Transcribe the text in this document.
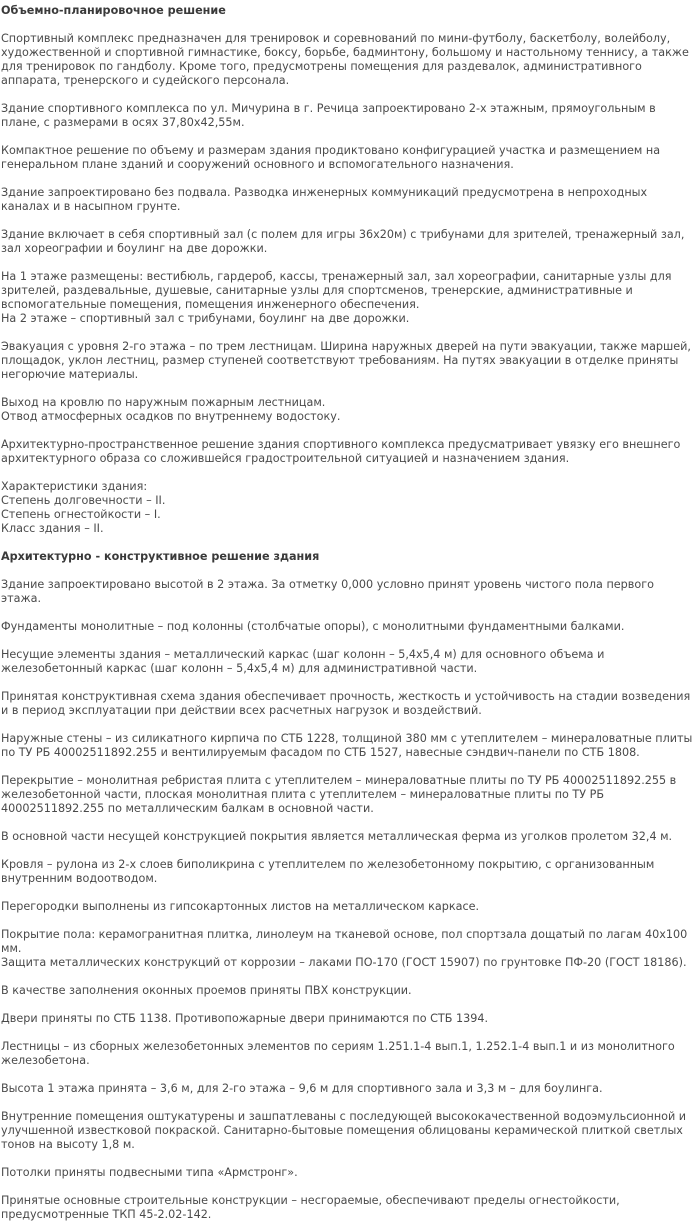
Объемно-планировочное решение

Спортивный комплекс предназначен для тренировок и соревнований по мини-футболу, баскетболу, волейболу, художественной и спортивной гимнастике, боксу, борьбе, бадминтону, большому и настольному теннису, а также для тренировок по гандболу. Кроме того, предусмотрены помещения для раздевалок, административного аппарата, тренерского и судейского персонала.

Здание спортивного комплекса по ул. Мичурина в г. Речица запроектировано 2-х этажным, прямоугольным в плане, с размерами в осях 37,80х42,55м.

Компактное решение по объему и размерам здания продиктовано конфигурацией участка и размещением на генеральном плане зданий и сооружений основного и вспомогательного назначения.

Здание запроектировано без подвала. Разводка инженерных коммуникаций предусмотрена в непроходных каналах и в насыпном грунте.

Здание включает в себя спортивный зал (с полем для игры 36х20м) с трибунами для зрителей, тренажерный зал, зал хореографии и боулинг на две дорожки.

На 1 этаже размещены: вестибюль, гардероб, кассы, тренажерный зал, зал хореографии, санитарные узлы для зрителей, раздевальные, душевые, санитарные узлы для спортсменов, тренерские, административные и вспомогательные помещения, помещения инженерного обеспечения.
На 2 этаже – спортивный зал с трибунами, боулинг на две дорожки.

Эвакуация с уровня 2-го этажа – по трем лестницам. Ширина наружных дверей на пути эвакуации, также маршей, площадок, уклон лестниц, размер ступеней соответствуют требованиям. На путях эвакуации в отделке приняты негорючие материалы.

Выход на кровлю по наружным пожарным лестницам.
Отвод атмосферных осадков по внутреннему водостоку.

Архитектурно-пространственное решение здания спортивного комплекса предусматривает увязку его внешнего архитектурного образа со сложившейся градостроительной ситуацией и назначением здания.

Характеристики здания:
Степень долговечности – II.
Степень огнестойкости – I.
Класс здания – II.

Архитектурно - конструктивное решение здания

Здание запроектировано высотой в 2 этажа. За отметку 0,000 условно принят уровень чистого пола первого этажа.

Фундаменты монолитные – под колонны (столбчатые опоры), с монолитными фундаментными балками.

Несущие элементы здания – металлический каркас (шаг колонн – 5,4х5,4 м) для основного объема и железобетонный каркас (шаг колонн – 5,4х5,4 м) для административной части.

Принятая конструктивная схема здания обеспечивает прочность, жесткость и устойчивость на стадии возведения и в период эксплуатации при действии всех расчетных нагрузок и воздействий.

Наружные стены – из силикатного кирпича по СТБ 1228, толщиной 380 мм с утеплителем – минераловатные плиты по ТУ РБ 40002511892.255 и вентилируемым фасадом по СТБ 1527, навесные сэндвич-панели по СТБ 1808.

Перекрытие – монолитная ребристая плита с утеплителем – минераловатные плиты по ТУ РБ 40002511892.255 в железобетонной части, плоская монолитная плита с утеплителем – минераловатные плиты по ТУ РБ 40002511892.255 по металлическим балкам в основной части.

В основной части несущей конструкцией покрытия является металлическая ферма из уголков пролетом 32,4 м.

Кровля – рулона из 2-х слоев биполикрина с утеплителем по железобетонному покрытию, с организованным внутренним водоотводом.

Перегородки выполнены из гипсокартонных листов на металлическом каркасе.

Покрытие пола: керамогранитная плитка, линолеум на тканевой основе, пол спортзала дощатый по лагам 40х100 мм.
Защита металлических конструкций от коррозии – лаками ПО-170 (ГОСТ 15907) по грунтовке ПФ-20 (ГОСТ 18186).

В качестве заполнения оконных проемов приняты ПВХ конструкции.

Двери приняты по СТБ 1138. Противопожарные двери принимаются по СТБ 1394.

Лестницы – из сборных железобетонных элементов по сериям 1.251.1-4 вып.1, 1.252.1-4 вып.1 и из монолитного железобетона.

Высота 1 этажа принята – 3,6 м, для 2-го этажа – 9,6 м для спортивного зала и 3,3 м – для боулинга.

Внутренние помещения оштукатурены и зашпатлеваны с последующей высококачественной водоэмульсионной и улучшенной известковой покраской. Санитарно-бытовые помещения облицованы керамической плиткой светлых тонов на высоту 1,8 м.

Потолки приняты подвесными типа «Армстронг».

Принятые основные строительные конструкции – несгораемые, обеспечивают пределы огнестойкости, предусмотренные ТКП 45-2.02-142.
